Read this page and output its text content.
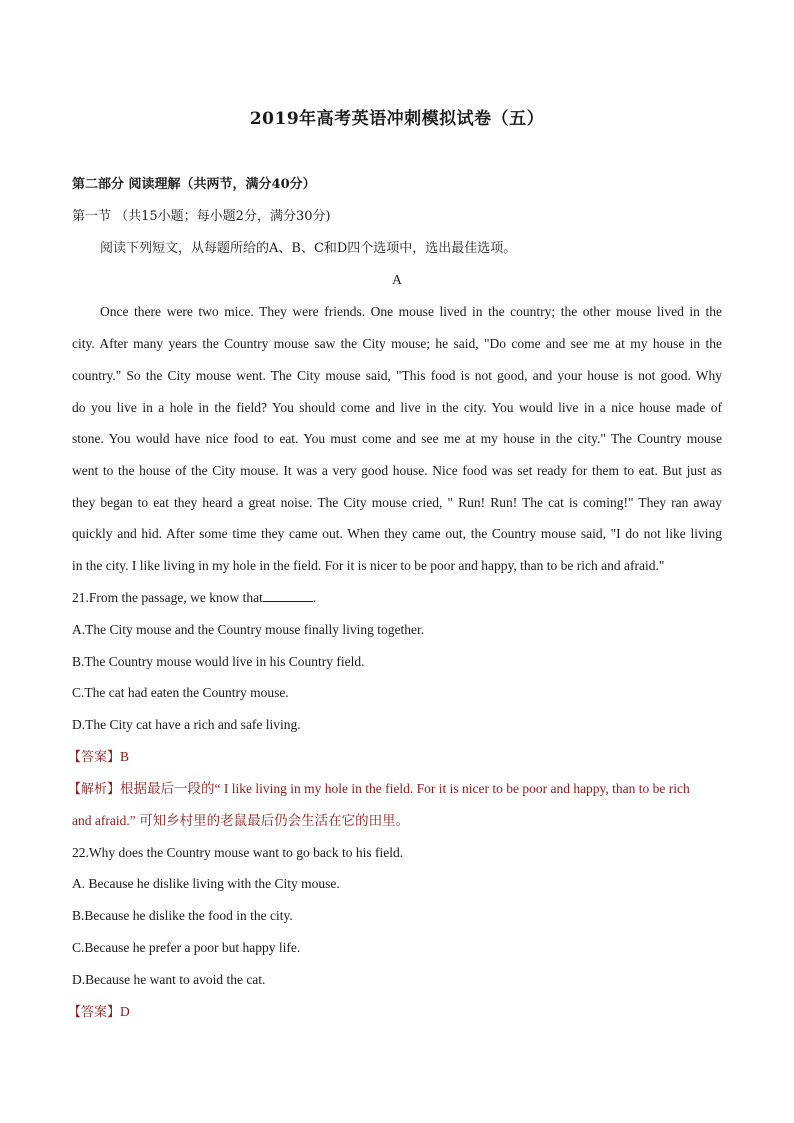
2019年高考英语冲刺模拟试卷（五）
第二部分 阅读理解（共两节，满分40分）
第一节 （共15小题；每小题2分，满分30分)
阅读下列短文，从每题所给的A、B、C和D四个选项中，选出最佳选项。
A
Once there were two mice. They were friends. One mouse lived in the country; the other mouse lived in the
city. After many years the Country mouse saw the City mouse; he said, "Do come and see me at my house in the
country." So the City mouse went. The City mouse said, "This food is not good, and your house is not good. Why
do you live in a hole in the field? You should come and live in the city. You would live in a nice house made of
stone. You would have nice food to eat. You must come and see me at my house in the city." The Country mouse
went to the house of the City mouse. It was a very good house. Nice food was set ready for them to eat. But just as
they began to eat they heard a great noise. The City mouse cried, " Run! Run! The cat is coming!" They ran away
quickly and hid. After some time they came out. When they came out, the Country mouse said, "I do not like living
in the city. I like living in my hole in the field. For it is nicer to be poor and happy, than to be rich and afraid."
21.From the passage, we know that	.
A.The City mouse and the Country mouse finally living together.
B.The Country mouse would live in his Country field.
C.The cat had eaten the Country mouse.
D.The City cat have a rich and safe living.
【答案】B
【解析】根据最后一段的“ I like living in my hole in the field. For it is nicer to be poor and happy, than to be rich
and afraid.” 可知乡村里的老鼠最后仍会生活在它的田里。
22.Why does the Country mouse want to go back to his field.
A. Because he dislike living with the City mouse.
B.Because he dislike the food in the city.
C.Because he prefer a poor but happy life.
D.Because he want to avoid the cat.
【答案】D
